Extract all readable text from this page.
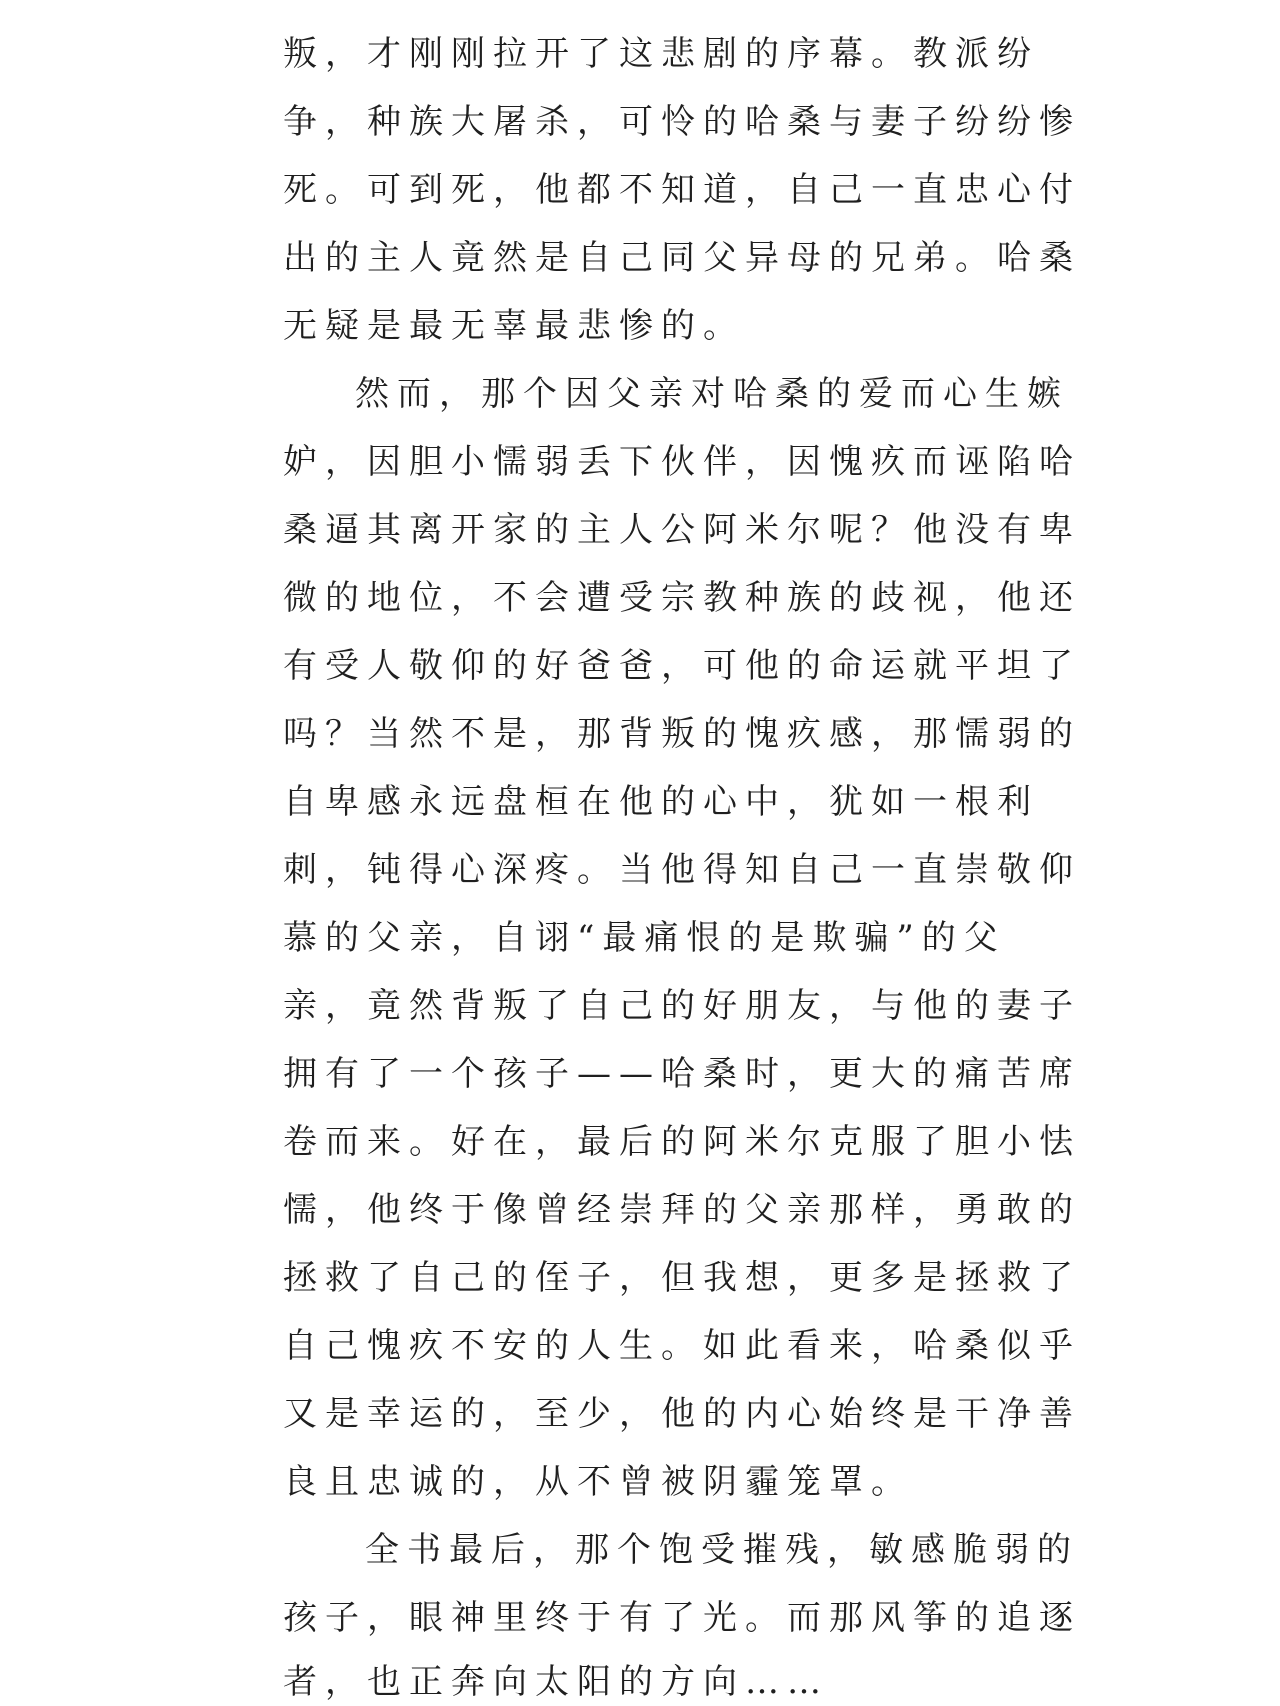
叛，才刚刚拉开了这悲剧的序幕。教派纷
争，种族大屠杀，可怜的哈桑与妻子纷纷惨
死。可到死，他都不知道，自己一直忠心付
出的主人竟然是自己同父异母的兄弟。哈桑
无疑是最无辜最悲惨的。
然而，那个因父亲对哈桑的爱而心生嫉
妒，因胆小懦弱丢下伙伴，因愧疚而诬陷哈
桑逼其离开家的主人公阿米尔呢？他没有卑
微的地位，不会遭受宗教种族的歧视，他还
有受人敬仰的好爸爸，可他的命运就平坦了
吗？当然不是，那背叛的愧疚感，那懦弱的
自卑感永远盘桓在他的心中，犹如一根利
刺，钝得心深疼。当他得知自己一直崇敬仰
慕的父亲，自诩“最痛恨的是欺骗”的父
亲，竟然背叛了自己的好朋友，与他的妻子
拥有了一个孩子——哈桑时，更大的痛苦席
卷而来。好在，最后的阿米尔克服了胆小怯
懦，他终于像曾经崇拜的父亲那样，勇敢的
拯救了自己的侄子，但我想，更多是拯救了
自己愧疚不安的人生。如此看来，哈桑似乎
又是幸运的，至少，他的内心始终是干净善
良且忠诚的，从不曾被阴霾笼罩。
全书最后，那个饱受摧残，敏感脆弱的
孩子，眼神里终于有了光。而那风筝的追逐
者，也正奔向太阳的方向……
